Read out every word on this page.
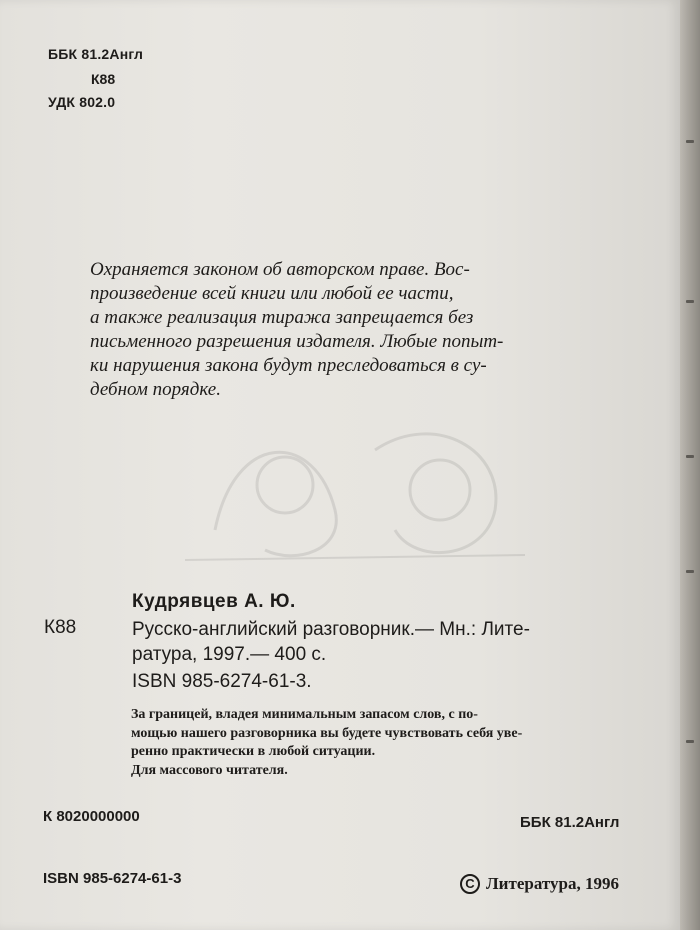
ББК 81.2Англ
К88
УДК 802.0
Охраняется законом об авторском праве. Вос-
произведение всей книги или любой ее части,
а также реализация тиража запрещается без
письменного разрешения издателя. Любые попыт-
ки нарушения закона будут преследоваться в су-
дебном порядке.
Кудрявцев А. Ю.
К88	Русско-английский разговорник.— Мн.: Лите-
ратура, 1997.— 400 с.
ISBN 985-6274-61-3.
За границей, владея минимальным запасом слов, с по-
мощью нашего разговорника вы будете чувствовать себя уве-
ренно практически в любой ситуации.
Для массового читателя.
К 8020000000	ББК 81.2Англ
ISBN 985-6274-61-3	С Литература, 1996
